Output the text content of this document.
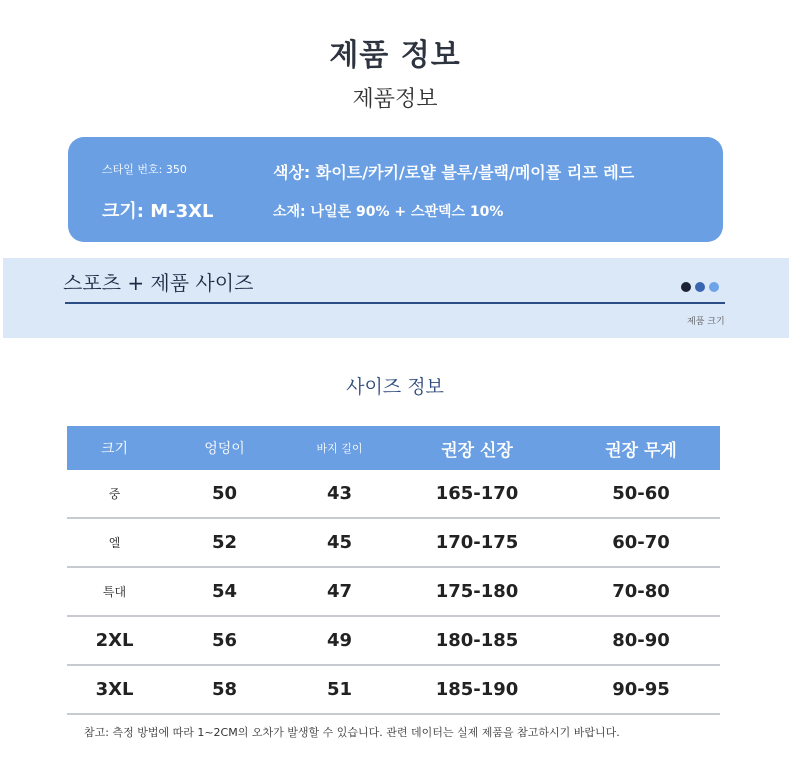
제품 정보
제품정보
스타일 번호: 350
크기: M-3XL
색상: 화이트/카키/로얄 블루/블랙/메이플 리프 레드
소재: 나일론 90% + 스판덱스 10%
스포츠 + 제품 사이즈
제품 크기
사이즈 정보
크기	엉덩이	바지 길이	권장 신장	권장 무게
중	50	43	165-170	50-60
엘	52	45	170-175	60-70
특대	54	47	175-180	70-80
2XL	56	49	180-185	80-90
3XL	58	51	185-190	90-95
참고: 측정 방법에 따라 1~2CM의 오차가 발생할 수 있습니다. 관련 데이터는 실제 제품을 참고하시기 바랍니다.
